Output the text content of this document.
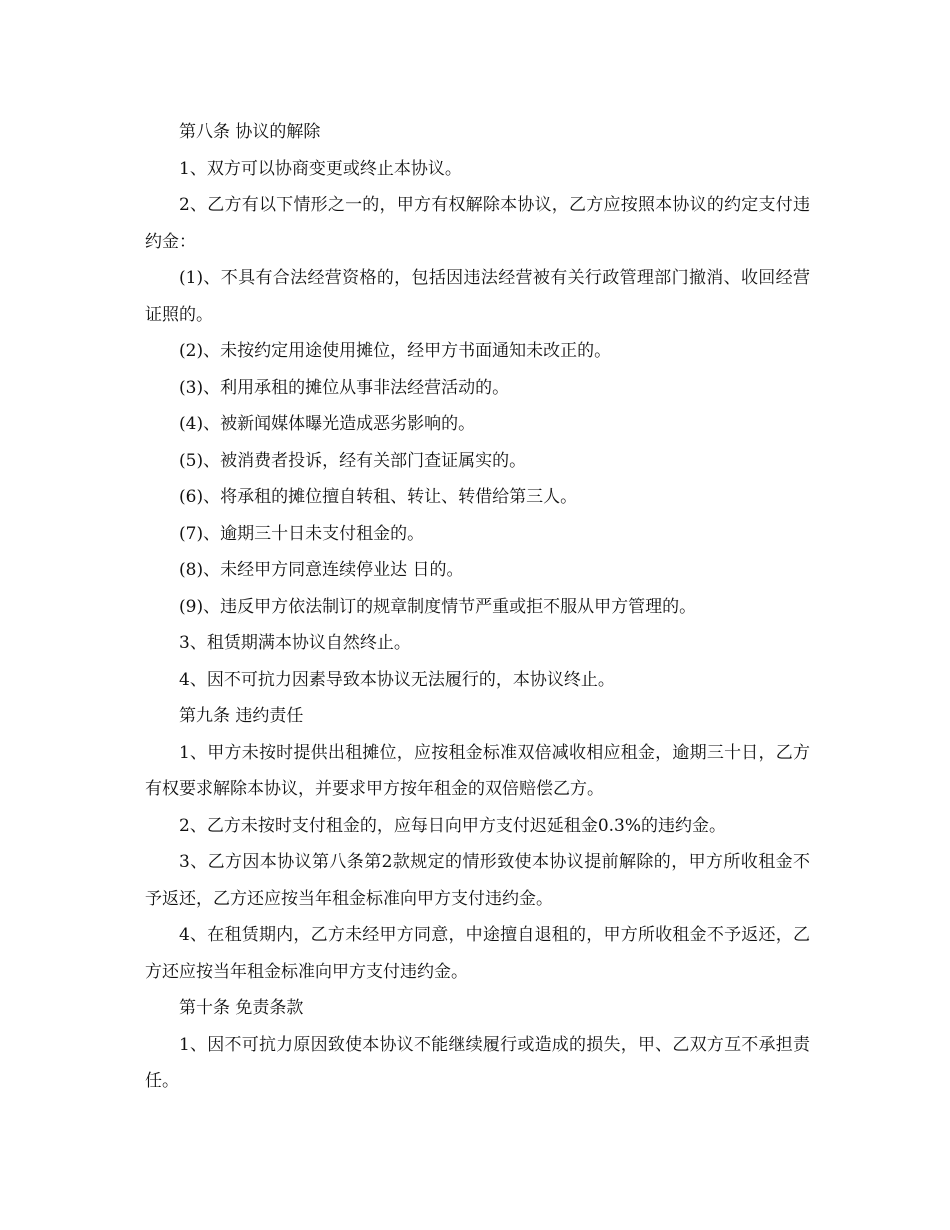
第八条 协议的解除

1、双方可以协商变更或终止本协议。

2、乙方有以下情形之一的，甲方有权解除本协议，乙方应按照本协议的约定支付违约金：

(1)、不具有合法经营资格的，包括因违法经营被有关行政管理部门撤消、收回经营证照的。

(2)、未按约定用途使用摊位，经甲方书面通知未改正的。

(3)、利用承租的摊位从事非法经营活动的。

(4)、被新闻媒体曝光造成恶劣影响的。

(5)、被消费者投诉，经有关部门查证属实的。

(6)、将承租的摊位擅自转租、转让、转借给第三人。

(7)、逾期三十日未支付租金的。

(8)、未经甲方同意连续停业达 日的。

(9)、违反甲方依法制订的规章制度情节严重或拒不服从甲方管理的。

3、租赁期满本协议自然终止。

4、因不可抗力因素导致本协议无法履行的，本协议终止。

第九条 违约责任

1、甲方未按时提供出租摊位，应按租金标准双倍减收相应租金，逾期三十日，乙方有权要求解除本协议，并要求甲方按年租金的双倍赔偿乙方。

2、乙方未按时支付租金的，应每日向甲方支付迟延租金0.3%的违约金。

3、乙方因本协议第八条第2款规定的情形致使本协议提前解除的，甲方所收租金不予返还，乙方还应按当年租金标准向甲方支付违约金。

4、在租赁期内，乙方未经甲方同意，中途擅自退租的，甲方所收租金不予返还，乙方还应按当年租金标准向甲方支付违约金。

第十条 免责条款

1、因不可抗力原因致使本协议不能继续履行或造成的损失，甲、乙双方互不承担责任。
